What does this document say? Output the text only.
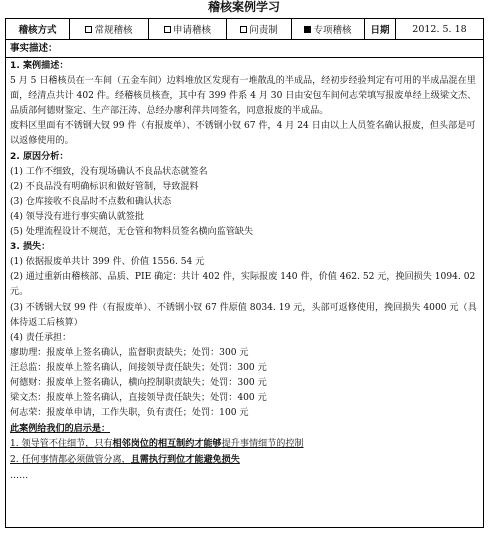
稽核案例学习
稽核方式	常规稽核	申请稽核	问责制	专项稽核	日期	2012. 5. 18
事实描述：

1. 案例描述：

5 月 5 日稽核员在一车间（五金车间）边料堆放区发现有一堆散乱的半成品，经初步经验判定有可用的半成品混在里面，经清点共计 402 件。经稽核员核查，其中有 399 件系 4 月 30 日由安包车间何志荣填写报废单经上级梁文杰、品质部何德财鉴定、生产部汪涛、总经办廖利萍共同签名，同意报废的半成品。

废料区里面有不锈钢大钗 99 件（有报废单）、不锈钢小钗 67 件，4 月 24 日由以上人员签名确认报废，但头部是可以返修使用的。

2. 原因分析：

(1) 工作不细致，没有现场确认不良品状态就签名

(2) 不良品没有明确标识和做好管制，导致混料

(3) 仓库接收不良品时不点数和确认状态

(4) 领导没有进行事实确认就签批

(5) 处理流程设计不规范，无仓管和物料员签名横向监管缺失

3. 损失：

(1) 依据报废单共计 399 件、价值 1556. 54 元

(2) 通过重新由稽核部、品质、PIE 确定：共计 402 件，实际报废 140 件，价值 462. 52 元，挽回损失 1094. 02 元。

(3) 不锈钢大钗 99 件（有报废单）、不锈钢小钗 67 件原值 8034. 19 元，头部可返修使用，挽回损失 4000 元（具体待返工后核算）

(4) 责任承担：

廖助理：报废单上签名确认，监督职责缺失；处罚：300 元

汪总监：报废单上签名确认，间接领导责任缺失；处罚：300 元

何德财：报废单上签名确认，横向控制职责缺失；处罚：300 元

梁文杰：报废单上签名确认，直接领导责任缺失；处罚：400 元

何志荣：报废单申请，工作失职，负有责任；处罚：100 元

此案例给我们的启示是：

1. 领导管不住细节，只有相邻岗位的相互制约才能够提升事情细节的控制

2. 任何事情都必须做管分离，且需执行到位才能避免损失

……
